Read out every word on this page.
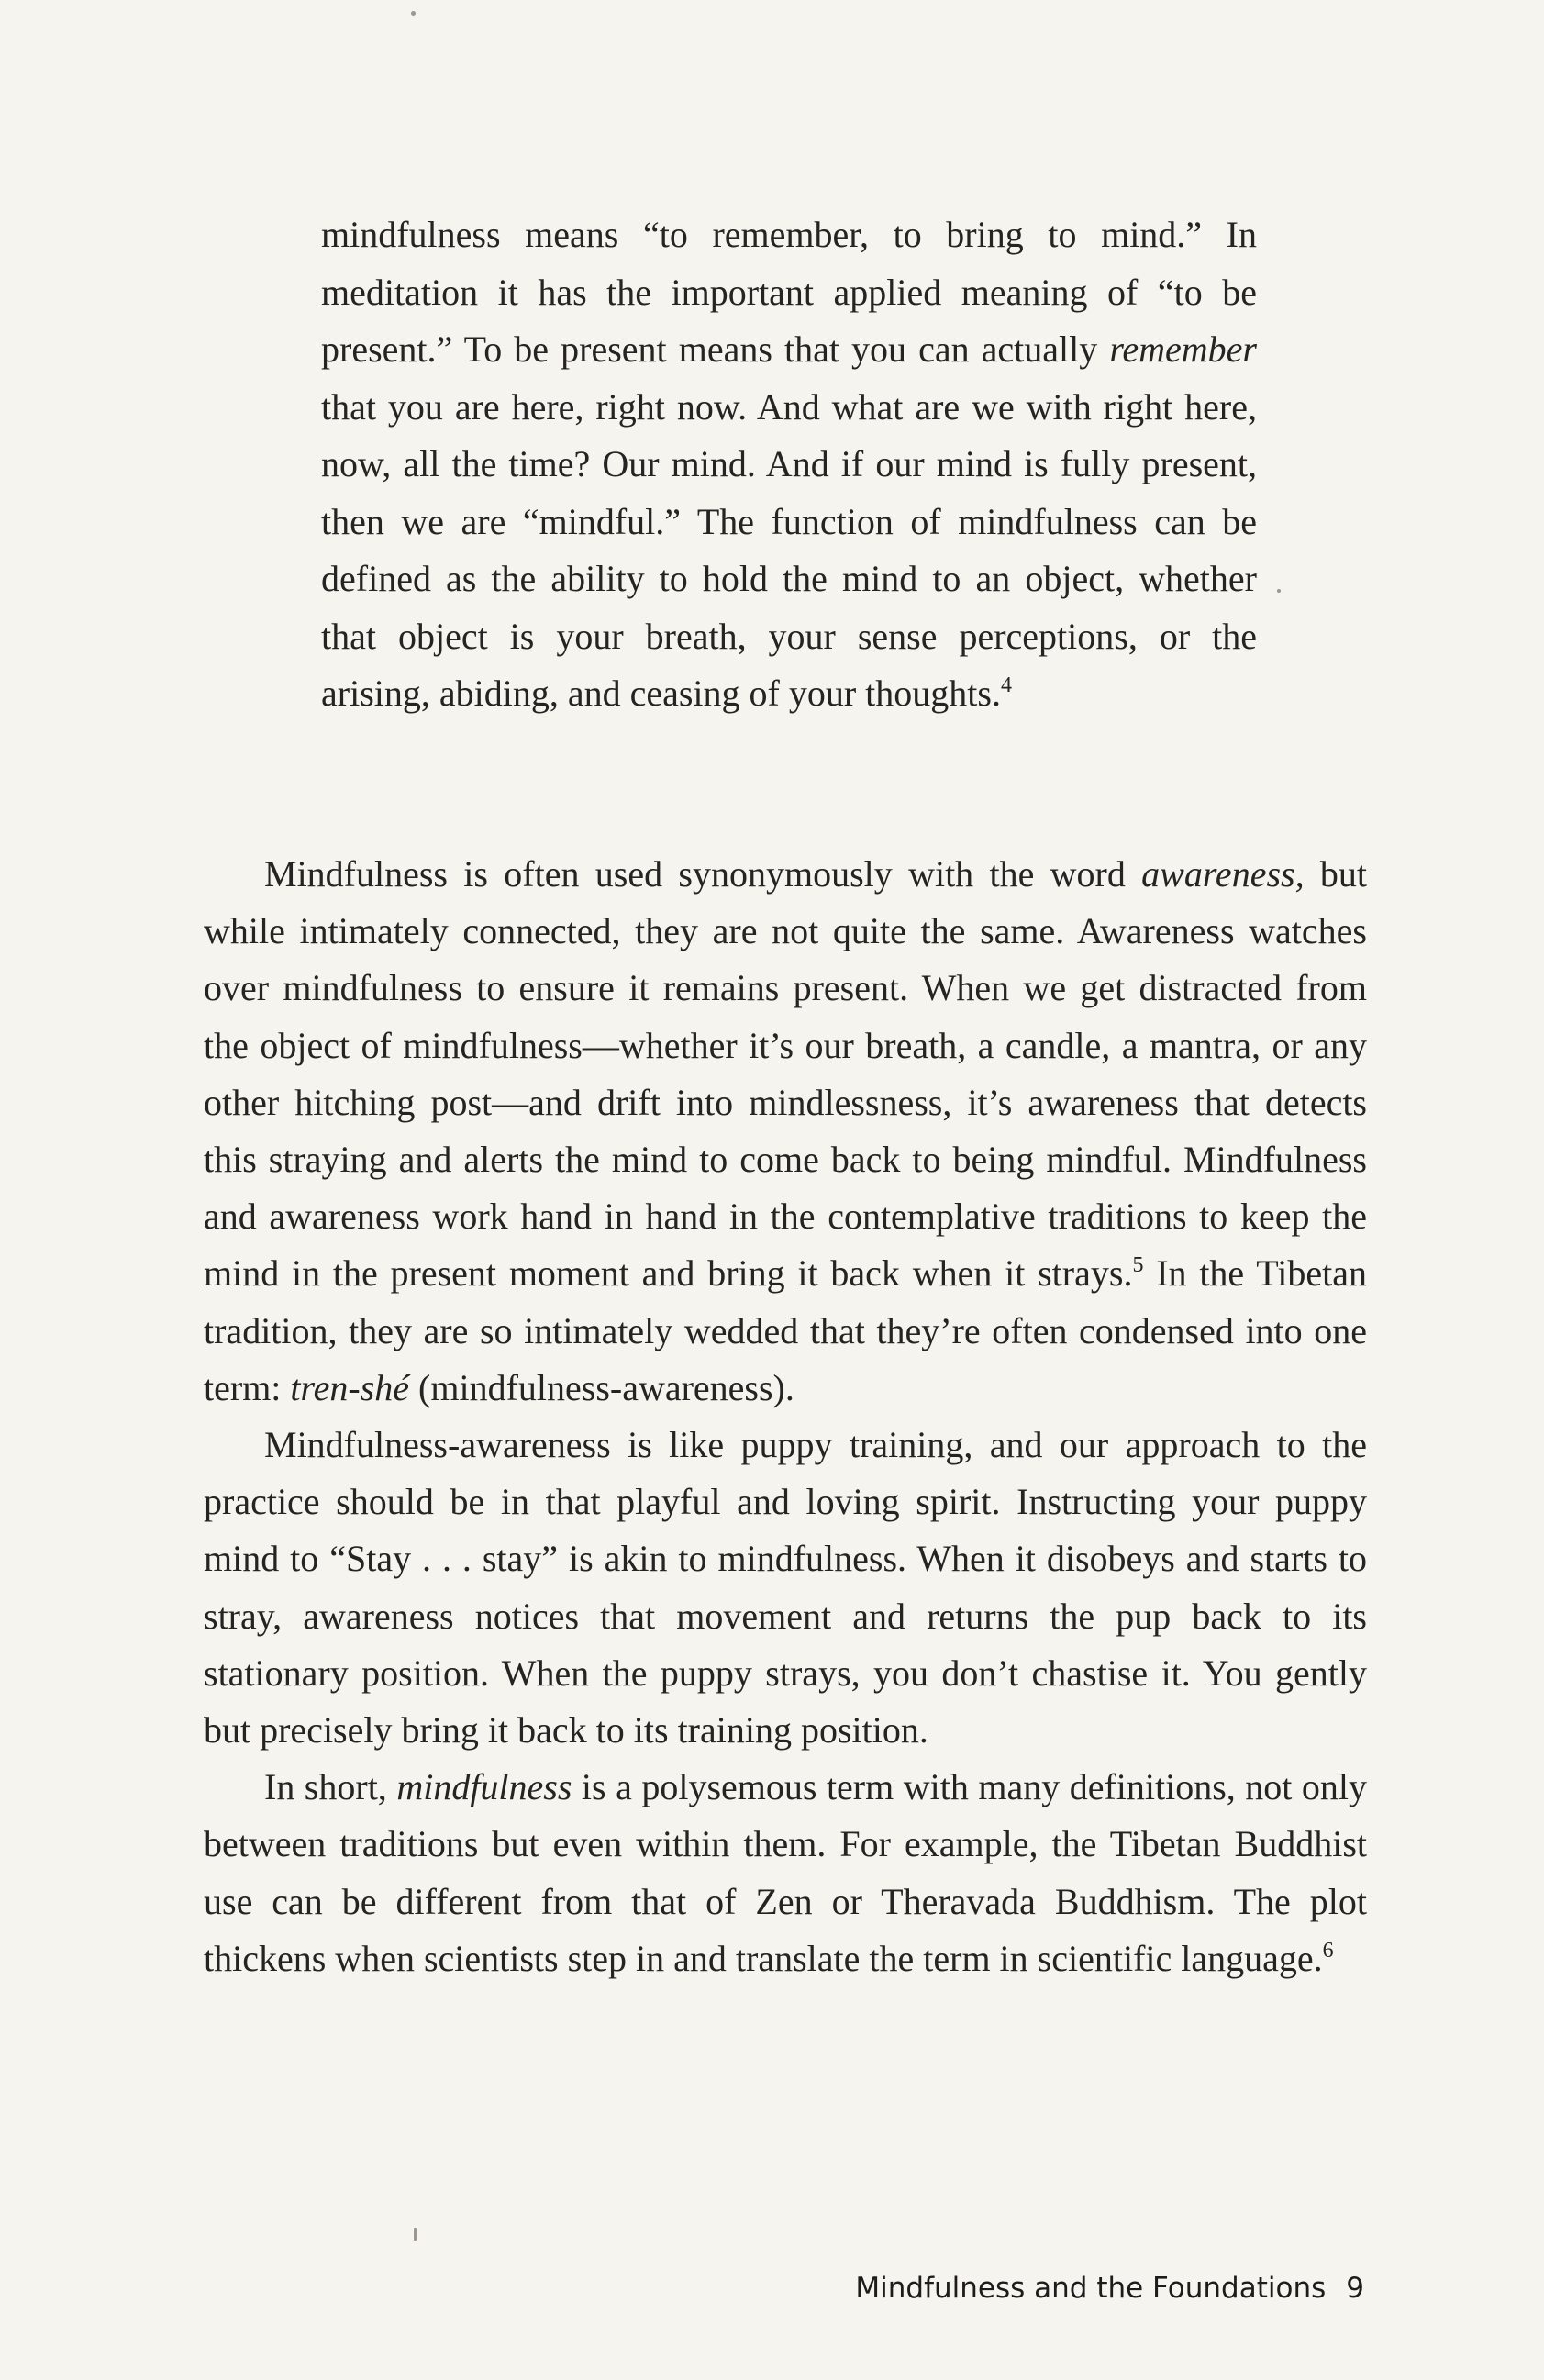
mindfulness means “to remember, to bring to mind.” In meditation it has the important applied meaning of “to be present.” To be present means that you can actually remember that you are here, right now. And what are we with right here, now, all the time? Our mind. And if our mind is fully present, then we are “mindful.” The function of mindfulness can be defined as the ability to hold the mind to an object, whether that object is your breath, your sense perceptions, or the arising, abiding, and ceasing of your thoughts.$^4$

Mindfulness is often used synonymously with the word awareness, but while intimately connected, they are not quite the same. Awareness watches over mindfulness to ensure it remains present. When we get distracted from the object of mindfulness—whether it’s our breath, a candle, a mantra, or any other hitching post—and drift into mindlessness, it’s awareness that detects this straying and alerts the mind to come back to being mindful. Mindfulness and awareness work hand in hand in the contemplative traditions to keep the mind in the present moment and bring it back when it strays.$^5$ In the Tibetan tradition, they are so intimately wedded that they’re often condensed into one term: tren-shé (mindfulness-awareness).

Mindfulness-awareness is like puppy training, and our approach to the practice should be in that playful and loving spirit. Instructing your puppy mind to “Stay . . . stay” is akin to mindfulness. When it disobeys and starts to stray, awareness notices that movement and returns the pup back to its stationary position. When the puppy strays, you don’t chastise it. You gently but precisely bring it back to its training position.

In short, mindfulness is a polysemous term with many definitions, not only between traditions but even within them. For example, the Tibetan Buddhist use can be different from that of Zen or Theravada Buddhism. The plot thickens when scientists step in and translate the term in scientific language.$^6$

Mindfulness and the Foundations 9
